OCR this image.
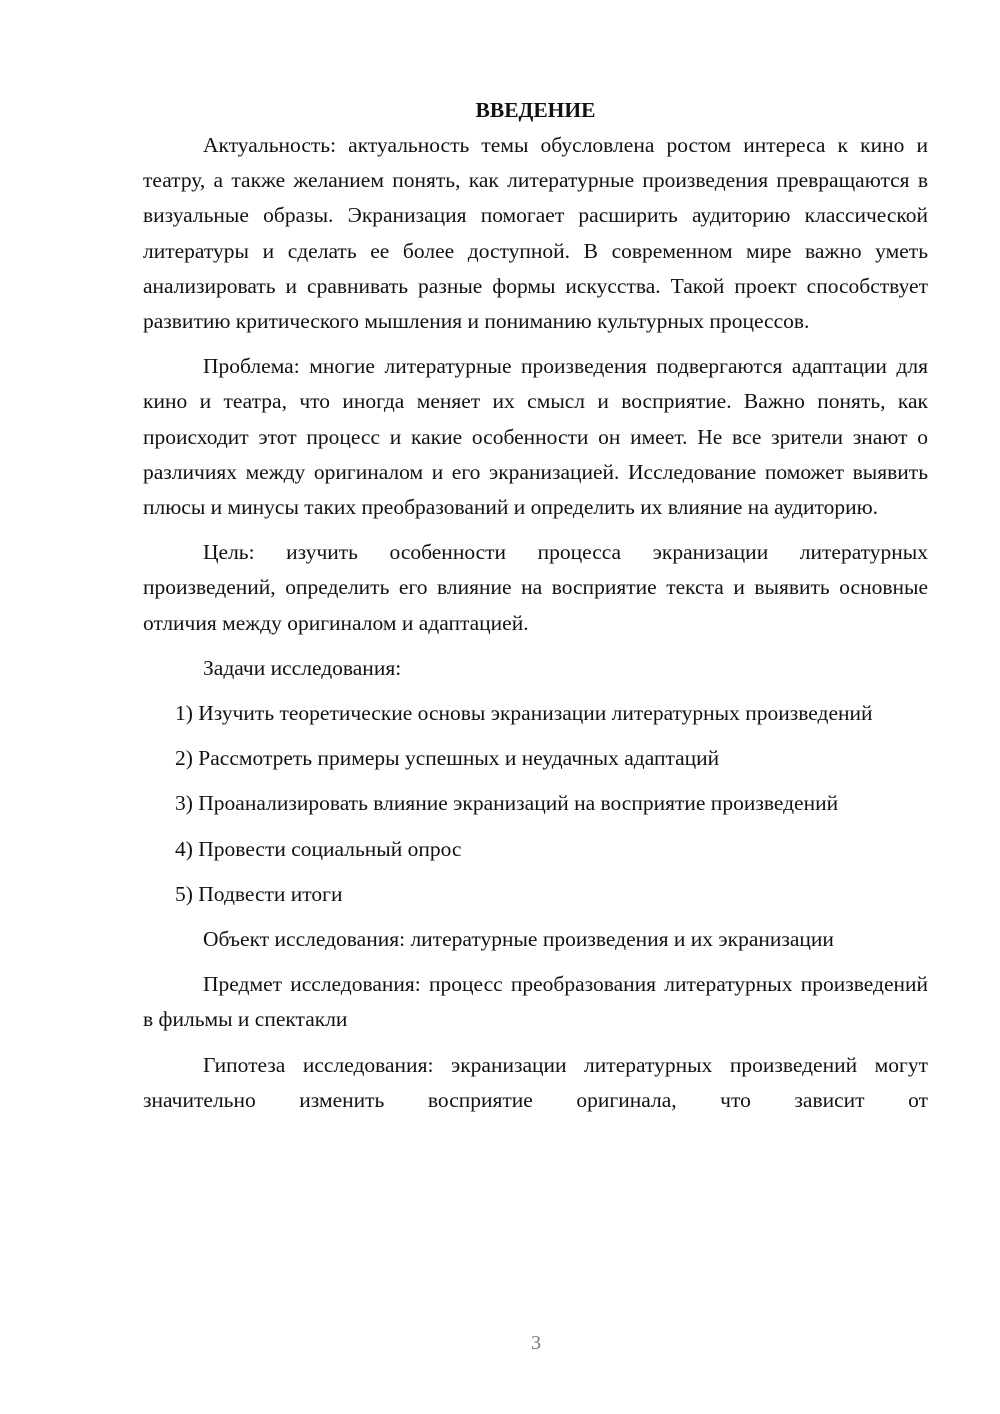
ВВЕДЕНИЕ

Актуальность: актуальность темы обусловлена ростом интереса к кино и театру, а также желанием понять, как литературные произведения превращаются в визуальные образы. Экранизация помогает расширить аудиторию классической литературы и сделать ее более доступной. В современном мире важно уметь анализировать и сравнивать разные формы искусства. Такой проект способствует развитию критического мышления и пониманию культурных процессов.

Проблема: многие литературные произведения подвергаются адаптации для кино и театра, что иногда меняет их смысл и восприятие. Важно понять, как происходит этот процесс и какие особенности он имеет. Не все зрители знают о различиях между оригиналом и его экранизацией. Исследование поможет выявить плюсы и минусы таких преобразований и определить их влияние на аудиторию.

Цель: изучить особенности процесса экранизации литературных произведений, определить его влияние на восприятие текста и выявить основные отличия между оригиналом и адаптацией.

Задачи исследования:

1) Изучить теоретические основы экранизации литературных произведений

2) Рассмотреть примеры успешных и неудачных адаптаций

3) Проанализировать влияние экранизаций на восприятие произведений

4) Провести социальный опрос

5) Подвести итоги

Объект исследования: литературные произведения и их экранизации

Предмет исследования: процесс преобразования литературных произведений в фильмы и спектакли

Гипотеза исследования: экранизации литературных произведений могут значительно изменить восприятие оригинала, что зависит от

3
